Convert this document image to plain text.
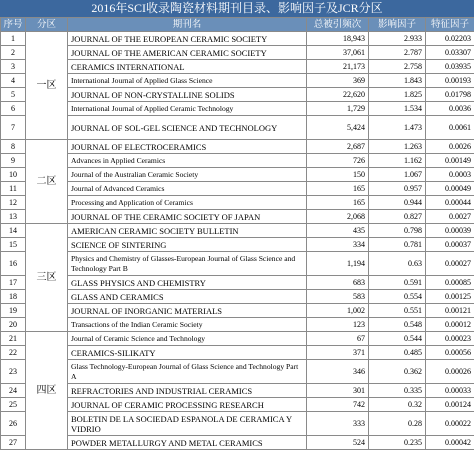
2016年SCI收录陶瓷材料期刊目录、影响因子及JCR分区
序号	分区	期刊名	总被引频次	影响因子	特征因子
1	一区	JOURNAL OF THE EUROPEAN CERAMIC SOCIETY	18,943	2.933	0.02203
2		JOURNAL OF THE AMERICAN CERAMIC SOCIETY	37,061	2.787	0.03307
3		CERAMICS INTERNATIONAL	21,173	2.758	0.03935
4		International Journal of Applied Glass Science	369	1.843	0.00193
5		JOURNAL OF NON-CRYSTALLINE SOLIDS	22,620	1.825	0.01798
6		International Journal of Applied Ceramic Technology	1,729	1.534	0.0036
7		JOURNAL OF SOL-GEL SCIENCE AND TECHNOLOGY	5,424	1.473	0.0061
8	二区	JOURNAL OF ELECTROCERAMICS	2,687	1.263	0.0026
9		Advances in Applied Ceramics	726	1.162	0.00149
10		Journal of the Australian Ceramic Society	150	1.067	0.0003
11		Journal of Advanced Ceramics	165	0.957	0.00049
12		Processing and Application of Ceramics	165	0.944	0.00044
13		JOURNAL OF THE CERAMIC SOCIETY OF JAPAN	2,068	0.827	0.0027
14	三区	AMERICAN CERAMIC SOCIETY BULLETIN	435	0.798	0.00039
15		SCIENCE OF SINTERING	334	0.781	0.00037
16		Physics and Chemistry of Glasses-European Journal of Glass Science and Technology Part B	1,194	0.63	0.00027
17		GLASS PHYSICS AND CHEMISTRY	683	0.591	0.00085
18		GLASS AND CERAMICS	583	0.554	0.00125
19		JOURNAL OF INORGANIC MATERIALS	1,002	0.551	0.00121
20		Transactions of the Indian Ceramic Society	123	0.548	0.00012
21	四区	Journal of Ceramic Science and Technology	67	0.544	0.00023
22		CERAMICS-SILIKATY	371	0.485	0.00056
23		Glass Technology-European Journal of Glass Science and Technology Part A	346	0.362	0.00026
24		REFRACTORIES AND INDUSTRIAL CERAMICS	301	0.335	0.00033
25		JOURNAL OF CERAMIC PROCESSING RESEARCH	742	0.32	0.00124
26		BOLETIN DE LA SOCIEDAD ESPANOLA DE CERAMICA Y VIDRIO	333	0.28	0.00022
27		POWDER METALLURGY AND METAL CERAMICS	524	0.235	0.00042
